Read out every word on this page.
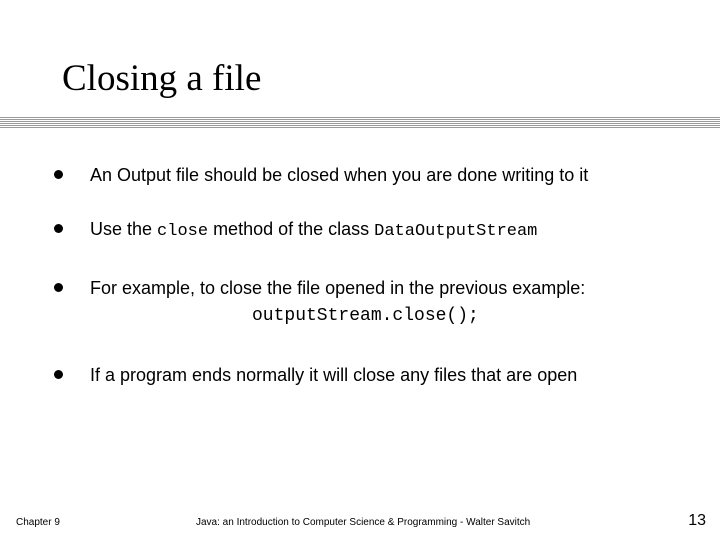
Closing a file
An Output file should be closed when you are done writing to it
Use the close method of the class DataOutputStream
For example, to close the file opened in the previous example:
outputStream.close();
If a program ends normally it will close any files that are open
Chapter 9	Java: an Introduction to Computer Science & Programming - Walter Savitch	13
